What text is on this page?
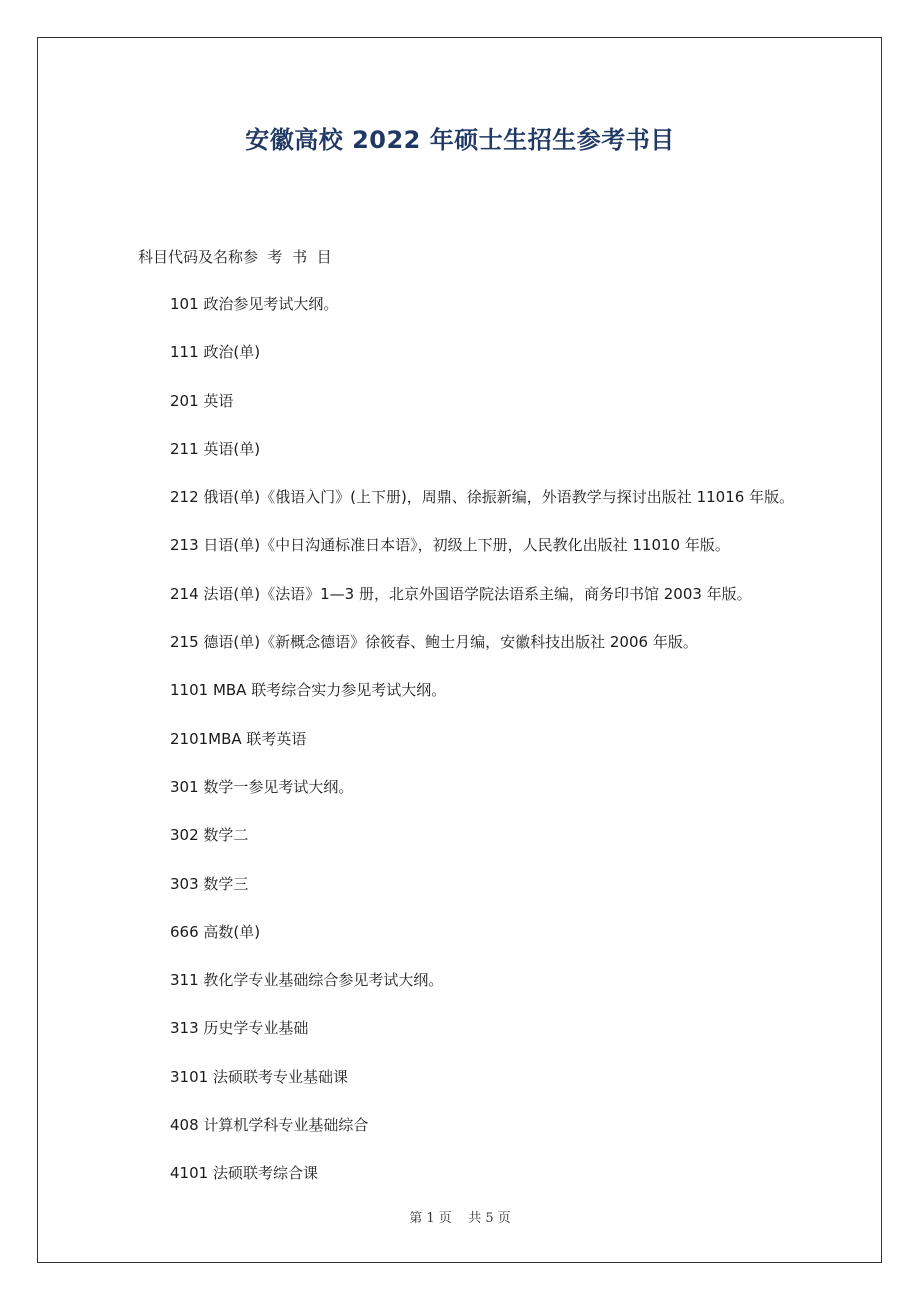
安徽高校 2022 年硕士生招生参考书目

科目代码及名称参  考  书  目

101 政治参见考试大纲。
111 政治(单)
201 英语
211 英语(单)
212 俄语(单)《俄语入门》(上下册)，周鼎、徐振新编，外语教学与探讨出版社 11016 年版。
213 日语(单)《中日沟通标准日本语》，初级上下册，人民教化出版社 11010 年版。
214 法语(单)《法语》1—3 册，北京外国语学院法语系主编，商务印书馆 2003 年版。
215 德语(单)《新概念德语》徐筱春、鲍士月编，安徽科技出版社 2006 年版。
1101 MBA 联考综合实力参见考试大纲。
2101MBA 联考英语
301 数学一参见考试大纲。
302 数学二
303 数学三
666 高数(单)
311 教化学专业基础综合参见考试大纲。
313 历史学专业基础
3101 法硕联考专业基础课
408 计算机学科专业基础综合
4101 法硕联考综合课
第 1 页    共 5 页
